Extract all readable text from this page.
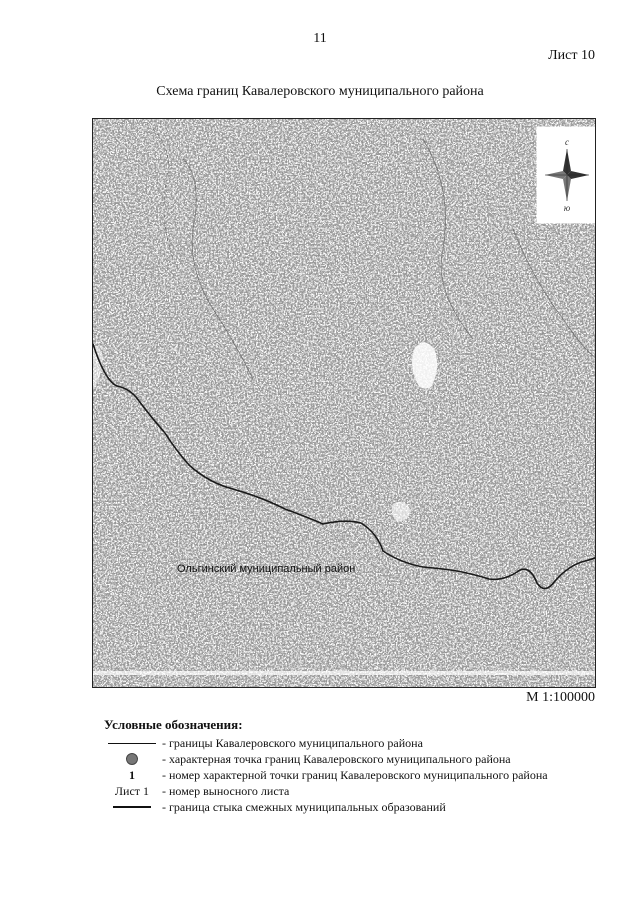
11
Лист 10
Схема границ Кавалеровского муниципального района
с
ю
Ольгинский муниципальный район
М 1:100000
Условные обозначения:
- границы Кавалеровского муниципального района
- характерная точка границ Кавалеровского муниципального района
1 - номер характерной точки границ Кавалеровского муниципального района
Лист 1 - номер выносного листа
- граница стыка смежных муниципальных образований
